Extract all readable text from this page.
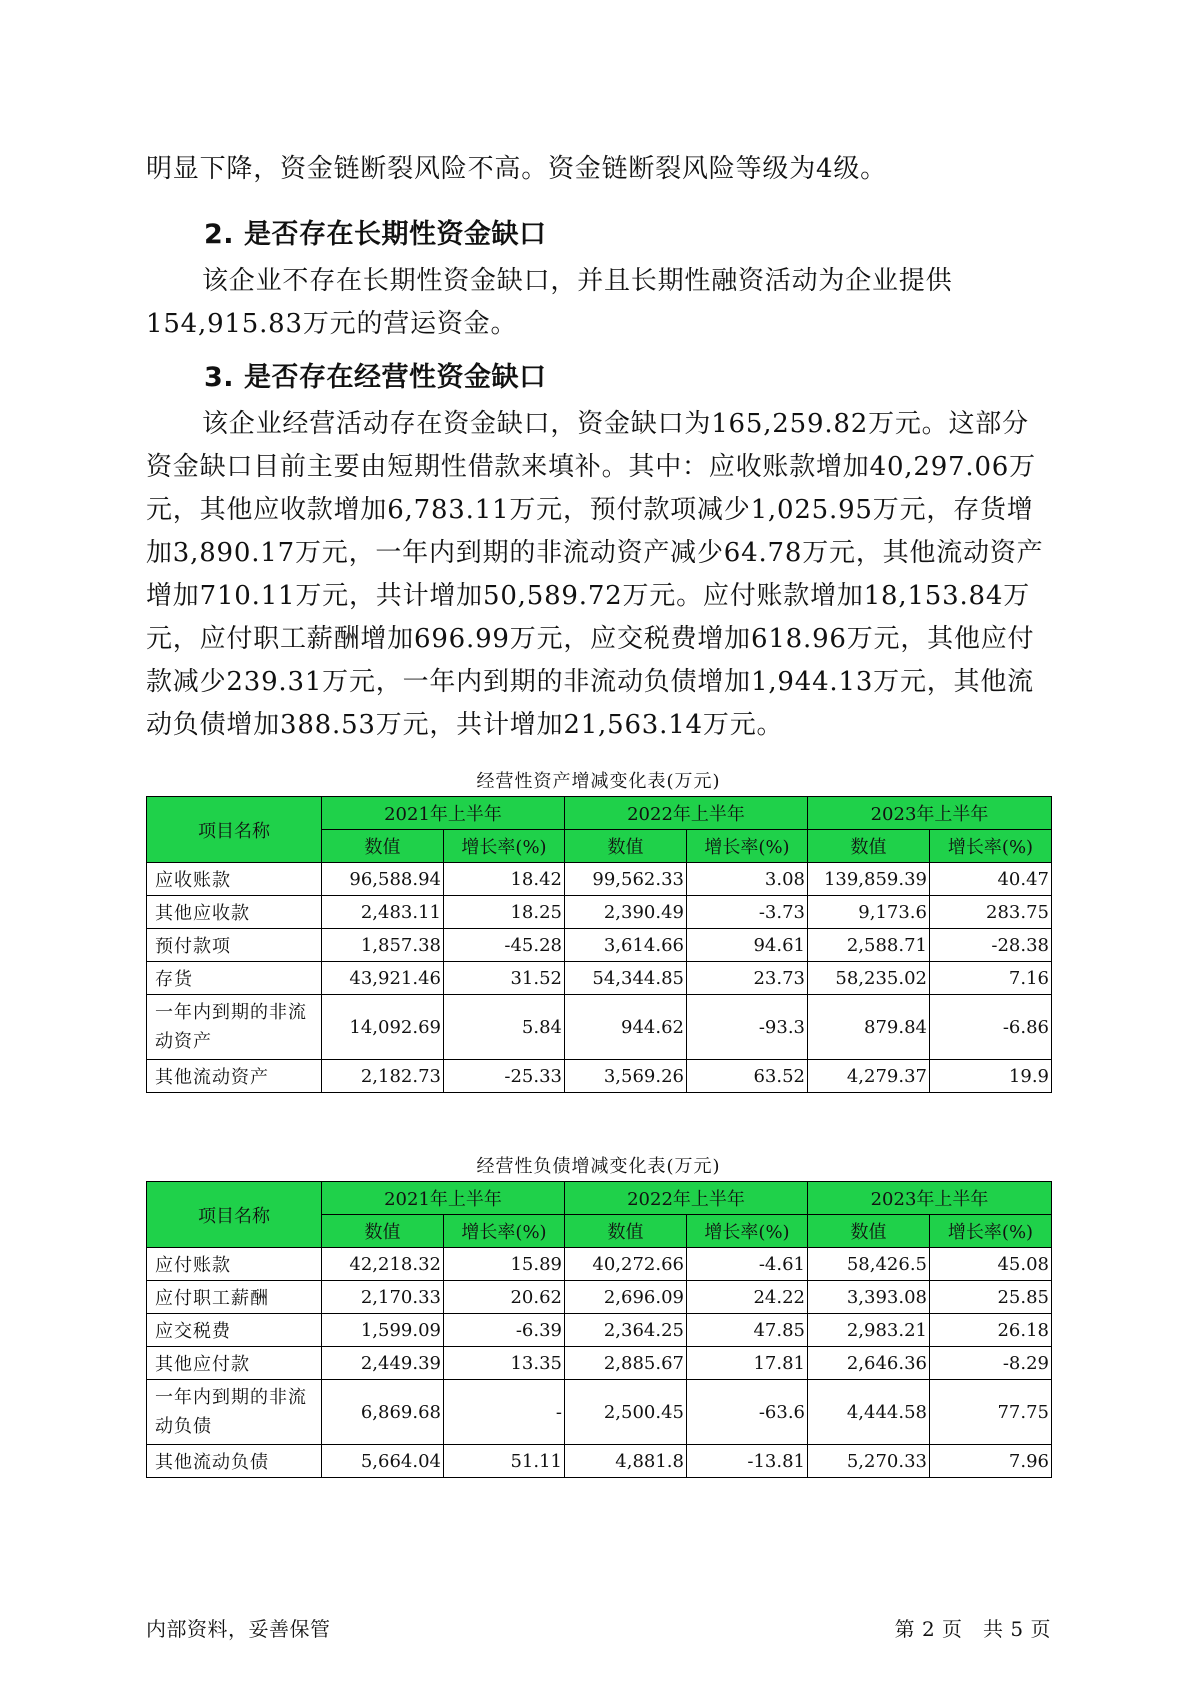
明显下降，资金链断裂风险不高。资金链断裂风险等级为4级。

2. 是否存在长期性资金缺口

该企业不存在长期性资金缺口，并且长期性融资活动为企业提供154,915.83万元的营运资金。

3. 是否存在经营性资金缺口

该企业经营活动存在资金缺口，资金缺口为165,259.82万元。这部分资金缺口目前主要由短期性借款来填补。其中：应收账款增加40,297.06万元，其他应收款增加6,783.11万元，预付款项减少1,025.95万元，存货增加3,890.17万元，一年内到期的非流动资产减少64.78万元，其他流动资产增加710.11万元，共计增加50,589.72万元。应付账款增加18,153.84万元，应付职工薪酬增加696.99万元，应交税费增加618.96万元，其他应付款减少239.31万元，一年内到期的非流动负债增加1,944.13万元，其他流动负债增加388.53万元，共计增加21,563.14万元。

经营性资产增减变化表(万元)
项目名称	2021年上半年		2022年上半年		2023年上半年	
	数值	增长率(%)	数值	增长率(%)	数值	增长率(%)
应收账款	96,588.94	18.42	99,562.33	3.08	139,859.39	40.47
其他应收款	2,483.11	18.25	2,390.49	-3.73	9,173.6	283.75
预付款项	1,857.38	-45.28	3,614.66	94.61	2,588.71	-28.38
存货	43,921.46	31.52	54,344.85	23.73	58,235.02	7.16
一年内到期的非流动资产	14,092.69	5.84	944.62	-93.3	879.84	-6.86
其他流动资产	2,182.73	-25.33	3,569.26	63.52	4,279.37	19.9
经营性负债增减变化表(万元)
项目名称	2021年上半年		2022年上半年		2023年上半年	
	数值	增长率(%)	数值	增长率(%)	数值	增长率(%)
应付账款	42,218.32	15.89	40,272.66	-4.61	58,426.5	45.08
应付职工薪酬	2,170.33	20.62	2,696.09	24.22	3,393.08	25.85
应交税费	1,599.09	-6.39	2,364.25	47.85	2,983.21	26.18
其他应付款	2,449.39	13.35	2,885.67	17.81	2,646.36	-8.29
一年内到期的非流动负债	6,869.68	-	2,500.45	-63.6	4,444.58	77.75
其他流动负债	5,664.04	51.11	4,881.8	-13.81	5,270.33	7.96
内部资料，妥善保管	第 2 页　共 5 页
